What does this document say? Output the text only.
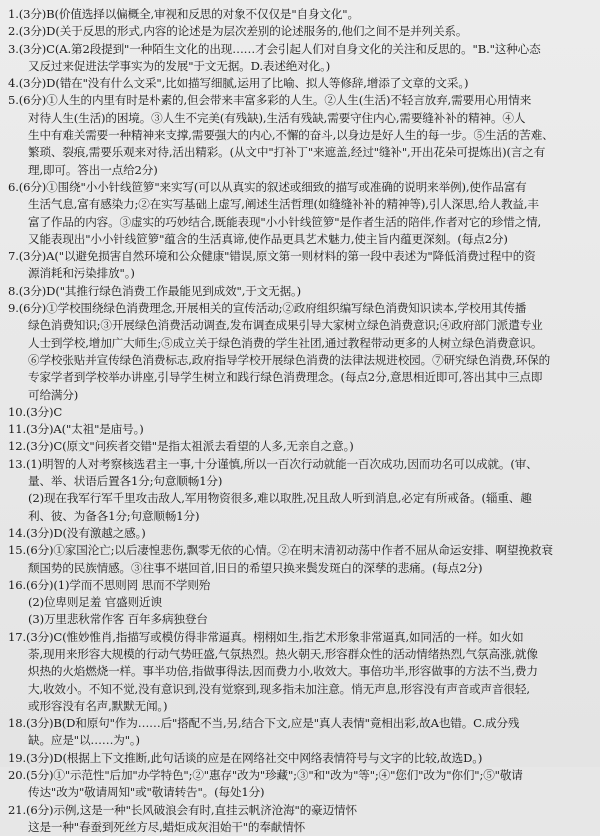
1.(3分)B(价值选择以偏概全,审视和反思的对象不仅仅是"自身文化"。
2.(3分)D(关于反思的形式,内容的论述是为层次差别的论述服务的,他们之间不是并列关系。
3.(3分)C(A.第2段提到"一种陌生文化的出现……才会引起人们对自身文化的关注和反思的。"B."这种心态
又反过来促进法学事实为的发展"于文无据。D.表述绝对化。)
4.(3分)D(错在"没有什么文采",比如描写细腻,运用了比喻、拟人等修辞,增添了文章的文采。)
5.(6分)①人生的内里有时是朴素的,但会带来丰富多彩的人生。②人生(生活)不轻言放弃,需要用心用情来
对待人生(生活)的困境。③人生不完美(有残缺),生活有残缺,需要守住内心,需要缝补补的精神。④人
生中有难关需要一种精神来支撑,需要强大的内心,不懈的奋斗,以身边是好人生的每一步。⑤生活的苦难、
繁琐、裂痕,需要乐观来对待,活出精彩。(从文中"打补丁"来遮盖,经过"缝补",开出花朵可提炼出)(言之有
理,即可。答出一点给2分)
6.(6分)①围绕"小小针线笸箩"来实写(可以从真实的叙述或细致的描写或准确的说明来举例),使作品富有
生活气息,富有感染力;②在实写基础上虚写,阐述生活哲理(如缝缝补补的精神等),引人深思,给人教益,丰
富了作品的内容。③虚实的巧妙结合,既能表现"小小针线笸箩"是作者生活的陪伴,作者对它的珍惜之情,
又能表现出"小小针线笸箩"蕴含的生活真谛,使作品更具艺术魅力,使主旨内蕴更深刻。(每点2分)
7.(3分)A("以避免损害自然环境和公众健康"错误,原文第一则材料的第一段中表述为"降低消费过程中的资
源消耗和污染排放"。)
8.(3分)D("其推行绿色消费工作最能见到成效",于文无据。)
9.(6分)①学校围绕绿色消费理念,开展相关的宣传活动;②政府组织编写绿色消费知识读本,学校用其传播
绿色消费知识;③开展绿色消费活动调查,发布调查成果引导大家树立绿色消费意识;④政府部门派遣专业
人士到学校,增加广大师生;⑤成立关于绿色消费的学生社团,通过教程带动更多的人树立绿色消费意识。
⑥学校张贴并宣传绿色消费标志,政府指导学校开展绿色消费的法律法规进校园。⑦研究绿色消费,环保的
专家学者到学校举办讲座,引导学生树立和践行绿色消费理念。(每点2分,意思相近即可,答出其中三点即
可给满分)
10.(3分)C
11.(3分)A("太祖"是庙号。)
12.(3分)C(原文"问疾者交错"是指太祖派去看望的人多,无亲自之意。)
13.(1)明智的人对考察核选君主一事,十分谨慎,所以一百次行动就能一百次成功,因而功名可以成就。(审、
量、举、状语后置各1分;句意顺畅1分)
(2)现在我军行军千里攻击敌人,军用物资很多,难以取胜,况且敌人听到消息,必定有所戒备。(辎重、趣
利、彼、为备各1分;句意顺畅1分)
14.(3分)D(没有激越之感。)
15.(6分)①家国沦亡;以后凄惶悲伤,飘零无依的心情。②在明末清初动荡中作者不屈从命运安排、啊望挽救衰
颓国势的民族情感。③往事不堪回首,旧日的希望只换来鬓发斑白的深孳的悲痛。(每点2分)
16.(6分)(1)学而不思则罔 思而不学则殆
(2)位卑则足羞 官盛则近谀
(3)万里悲秋常作客 百年多病独登台
17.(3分)C(惟妙惟肖,指描写或模仿得非常逼真。栩栩如生,指艺术形象非常逼真,如同活的一样。如火如
荼,现用来形容大规模的行动气势旺盛,气氛热烈。热火朝天,形容群众性的活动情绪热烈,气氛高涨,就像
炽热的火焰燃烧一样。事半功倍,指做事得法,因而费力小,收效大。事倍功半,形容做事的方法不当,费力
大,收效小。不知不觉,没有意识到,没有觉察到,现多指未加注意。悄无声息,形容没有声音或声音很轻,
或形容没有名声,默默无闻。)
18.(3分)B(D和原句"作为……后"搭配不当,另,结合下文,应是"真人表情"竟相出彩,故A也错。C.成分残
缺。应是"以……为"。)
19.(3分)D(根据上下文推断,此句话谈的应是在网络社交中网络表情符号与文字的比较,故选D。)
20.(5分)①"示范性"后加"办学特色";②"惠存"改为"珍藏";③"和"改为"等";④"您们"改为"你们";⑤"敬请
传达"改为"敬请周知"或"敬请转告"。(每处1分)
21.(6分)示例,这是一种"长风破浪会有时,直挂云帆济沧海"的豪迈情怀
这是一种"春蚕到死丝方尽,蜡炬成灰泪始干"的奉献情怀
